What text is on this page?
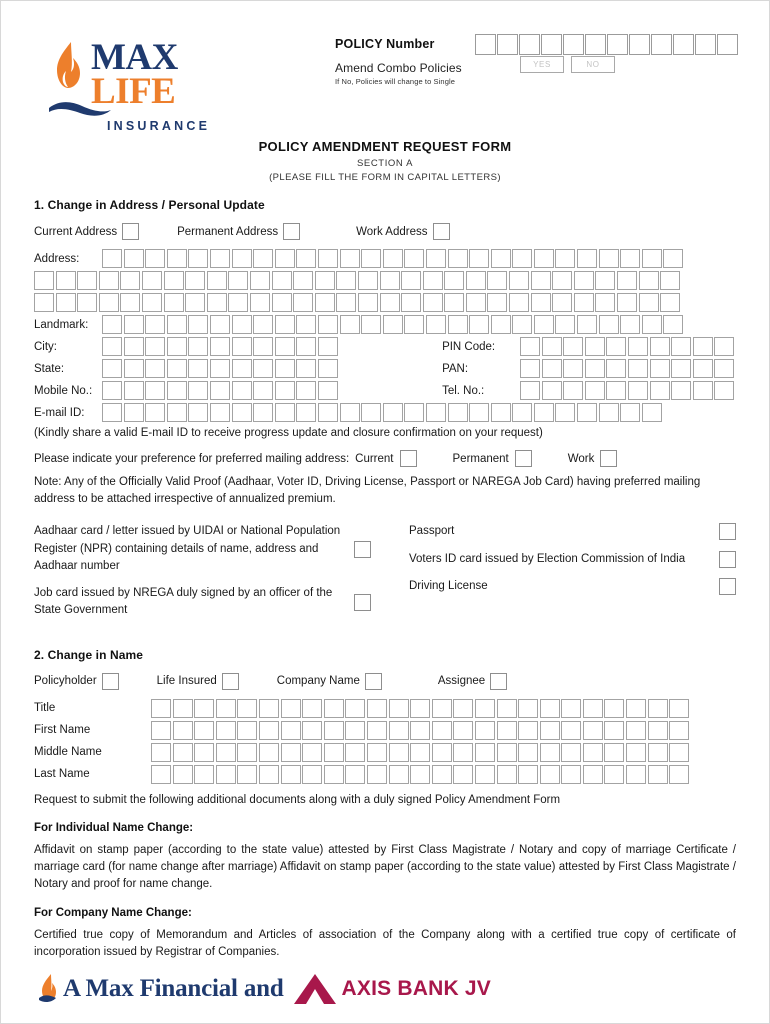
MAX
LIFE
INSURANCE
POLICY Number
Amend Combo Policies
If No, Policies will change to Single
YES	NO
POLICY AMENDMENT REQUEST FORM
SECTION A
(PLEASE FILL THE FORM IN CAPITAL LETTERS)
1. Change in Address / Personal Update
Current Address	Permanent Address	Work Address
Address:
Landmark:
City:	PIN Code:
State:	PAN:
Mobile No.:	Tel. No.:
E-mail ID:
(Kindly share a valid E-mail ID to receive progress update and closure confirmation on your request)
Please indicate your preference for preferred mailing address: Current	Permanent	Work
Note: Any of the Officially Valid Proof (Aadhaar, Voter ID, Driving License, Passport or NAREGA Job Card) having preferred mailing address to be attached irrespective of annualized premium.
Aadhaar card / letter issued by UIDAI or National Population Register (NPR) containing details of name, address and Aadhaar number
Job card issued by NREGA duly signed by an officer of the State Government
Passport
Voters ID card issued by Election Commission of India
Driving License
2. Change in Name
Policyholder	Life Insured	Company Name	Assignee
Title
First Name
Middle Name
Last Name
Request to submit the following additional documents along with a duly signed Policy Amendment Form
For Individual Name Change:
Affidavit on stamp paper (according to the state value) attested by First Class Magistrate / Notary and copy of marriage Certificate / marriage card (for name change after marriage) Affidavit on stamp paper (according to the state value) attested by First Class Magistrate / Notary and proof for name change.
For Company Name Change:
Certified true copy of Memorandum and Articles of association of the Company along with a certified true copy of certificate of incorporation issued by Registrar of Companies.
A Max Financial and	AXIS BANK JV
